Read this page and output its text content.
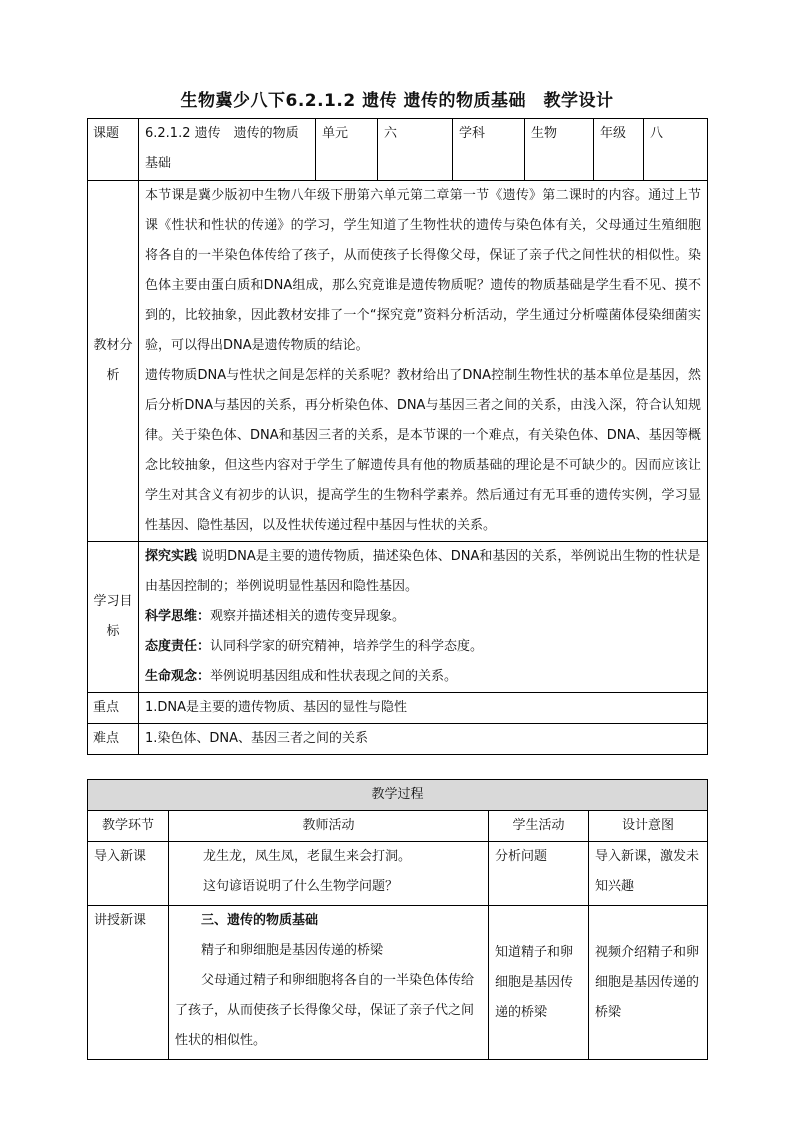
生物冀少八下6.2.1.2 遗传 遗传的物质基础　教学设计
课题	6.2.1.2 遗传　遗传的物质基础	单元	六	学科	生物	年级	八
教材分析	本节课是冀少版初中生物八年级下册第六单元第二章第一节《遗传》第二课时的内容。通过上节课《性状和性状的传递》的学习，学生知道了生物性状的遗传与染色体有关，父母通过生殖细胞将各自的一半染色体传给了孩子，从而使孩子长得像父母，保证了亲子代之间性状的相似性。染色体主要由蛋白质和DNA组成，那么究竟谁是遗传物质呢？遗传的物质基础是学生看不见、摸不到的，比较抽象，因此教材安排了一个“探究竟”资料分析活动，学生通过分析噬菌体侵染细菌实验，可以得出DNA是遗传物质的结论。

遗传物质DNA与性状之间是怎样的关系呢？教材给出了DNA控制生物性状的基本单位是基因，然后分析DNA与基因的关系，再分析染色体、DNA与基因三者之间的关系，由浅入深，符合认知规律。关于染色体、DNA和基因三者的关系，是本节课的一个难点，有关染色体、DNA、基因等概念比较抽象，但这些内容对于学生了解遗传具有他的物质基础的理论是不可缺少的。因而应该让学生对其含义有初步的认识，提高学生的生物科学素养。然后通过有无耳垂的遗传实例，学习显性基因、隐性基因，以及性状传递过程中基因与性状的关系。						

学习目标	探究实践 说明DNA是主要的遗传物质，描述染色体、DNA和基因的关系，举例说出生物的性状是由基因控制的；举例说明显性基因和隐性基因。

科学思维：观察并描述相关的遗传变异现象。

态度责任：认同科学家的研究精神，培养学生的科学态度。

生命观念：举例说明基因组成和性状表现之间的关系。						

重点	1.DNA是主要的遗传物质、基因的显性与隐性						
难点	1.染色体、DNA、基因三者之间的关系						
教学过程			
教学环节	教师活动	学生活动	设计意图
导入新课	龙生龙，凤生凤，老鼠生来会打洞。
这句谚语说明了什么生物学问题？	分析问题	导入新课，激发未知兴趣
讲授新课	三、遗传的物质基础
精子和卵细胞是基因传递的桥梁

父母通过精子和卵细胞将各自的一半染色体传给了孩子，从而使孩子长得像父母，保证了亲子代之间性状的相似性。	知道精子和卵细胞是基因传递的桥梁	视频介绍精子和卵细胞是基因传递的桥梁
